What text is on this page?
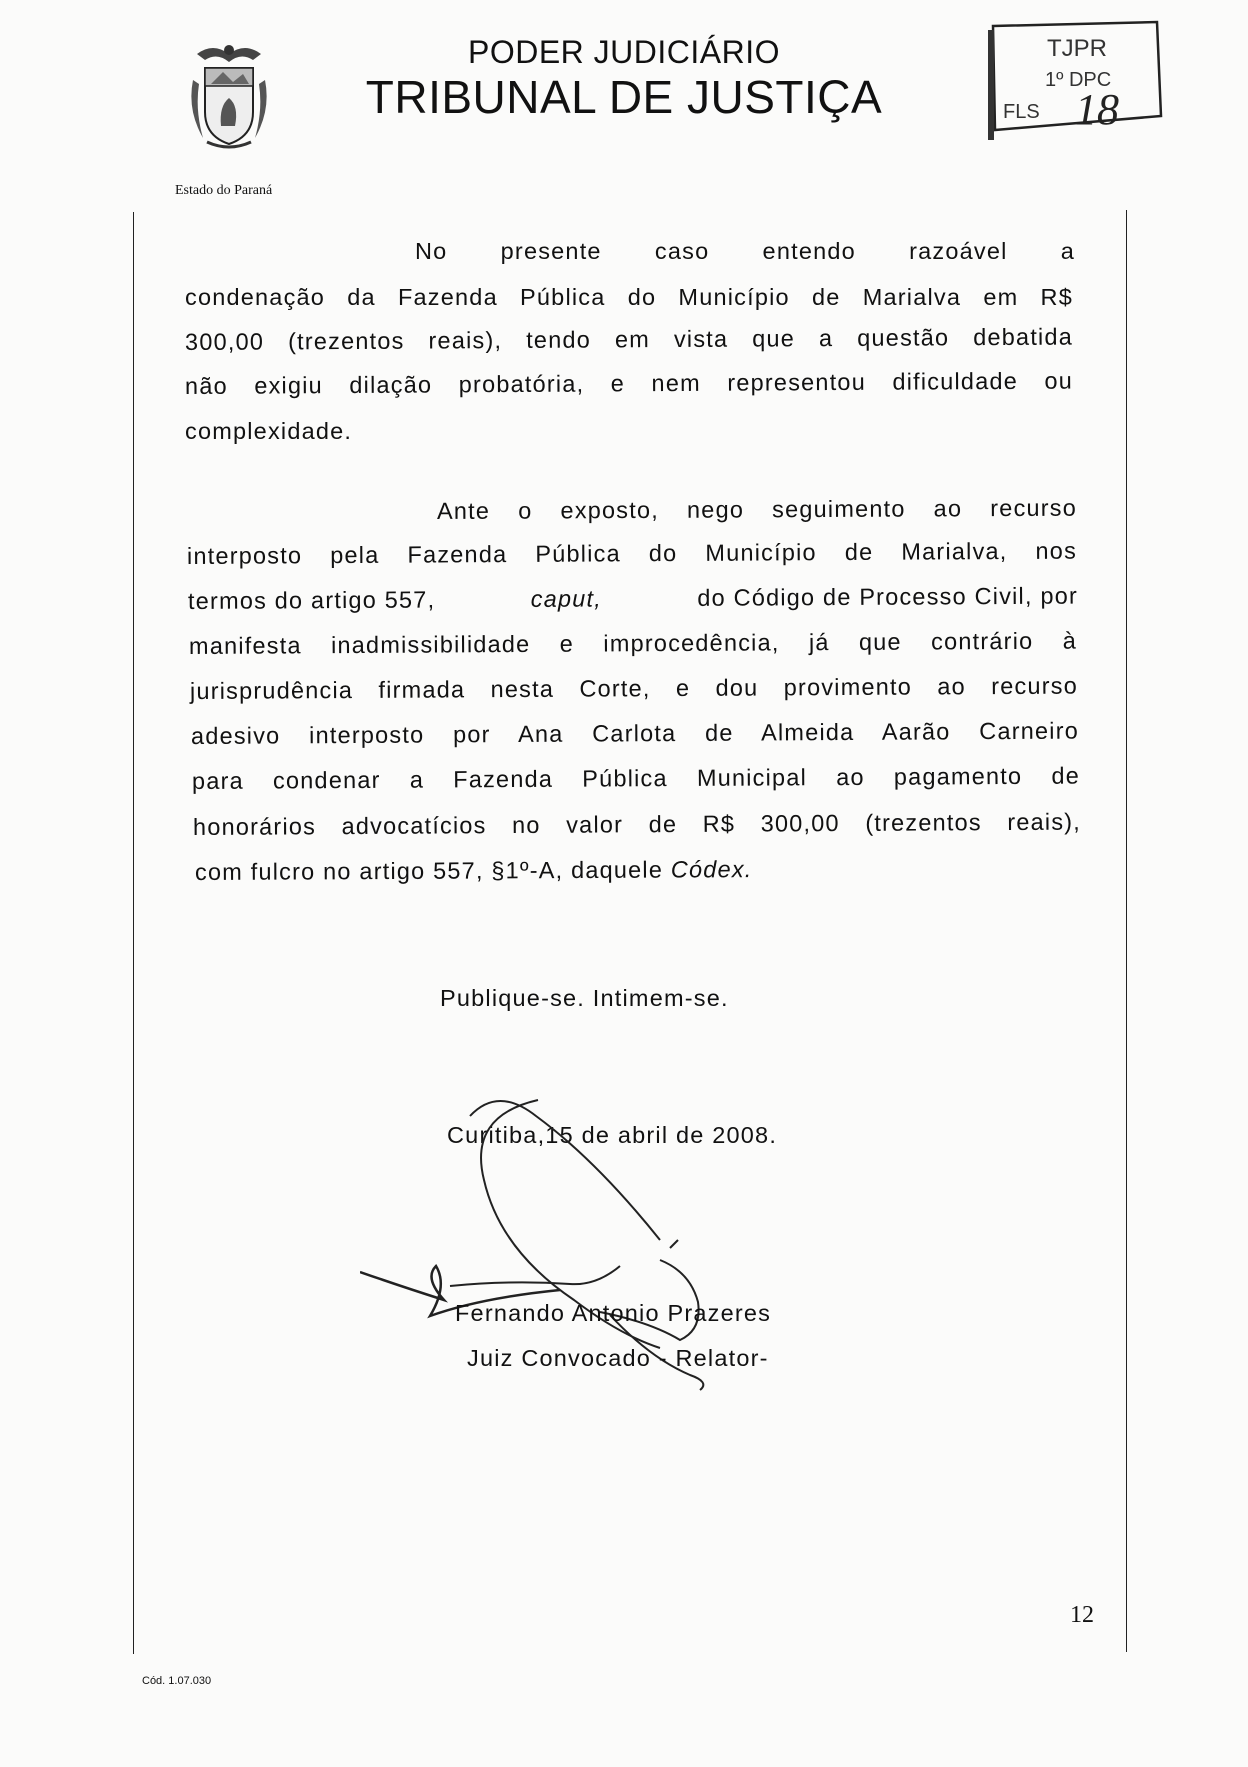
PODER JUDICIÁRIO
TRIBUNAL DE JUSTIÇA
Estado do Paraná
TJPR
1º DPC
FLS 18
No presente caso entendo razoável a
condenação da Fazenda Pública do Município de Marialva em R$
300,00 (trezentos reais), tendo em vista que a questão debatida
não exigiu dilação probatória, e nem representou dificuldade ou
complexidade.
Ante o exposto, nego seguimento ao recurso
interposto pela Fazenda Pública do Município de Marialva, nos
termos do artigo 557,	caput,	do Código de Processo Civil, por
manifesta inadmissibilidade e improcedência, já que contrário à
jurisprudência firmada nesta Corte, e dou provimento ao recurso
adesivo interposto por Ana Carlota de Almeida Aarão Carneiro
para condenar a Fazenda Pública Municipal ao pagamento de
honorários advocatícios no valor de R$ 300,00 (trezentos reais),
com fulcro no artigo 557, §1º-A, daquele Códex.
Publique-se. Intimem-se.
Curitiba,15 de abril de 2008.
Fernando Antonio Prazeres
Juiz Convocado - Relator-
12
Cód. 1.07.030
